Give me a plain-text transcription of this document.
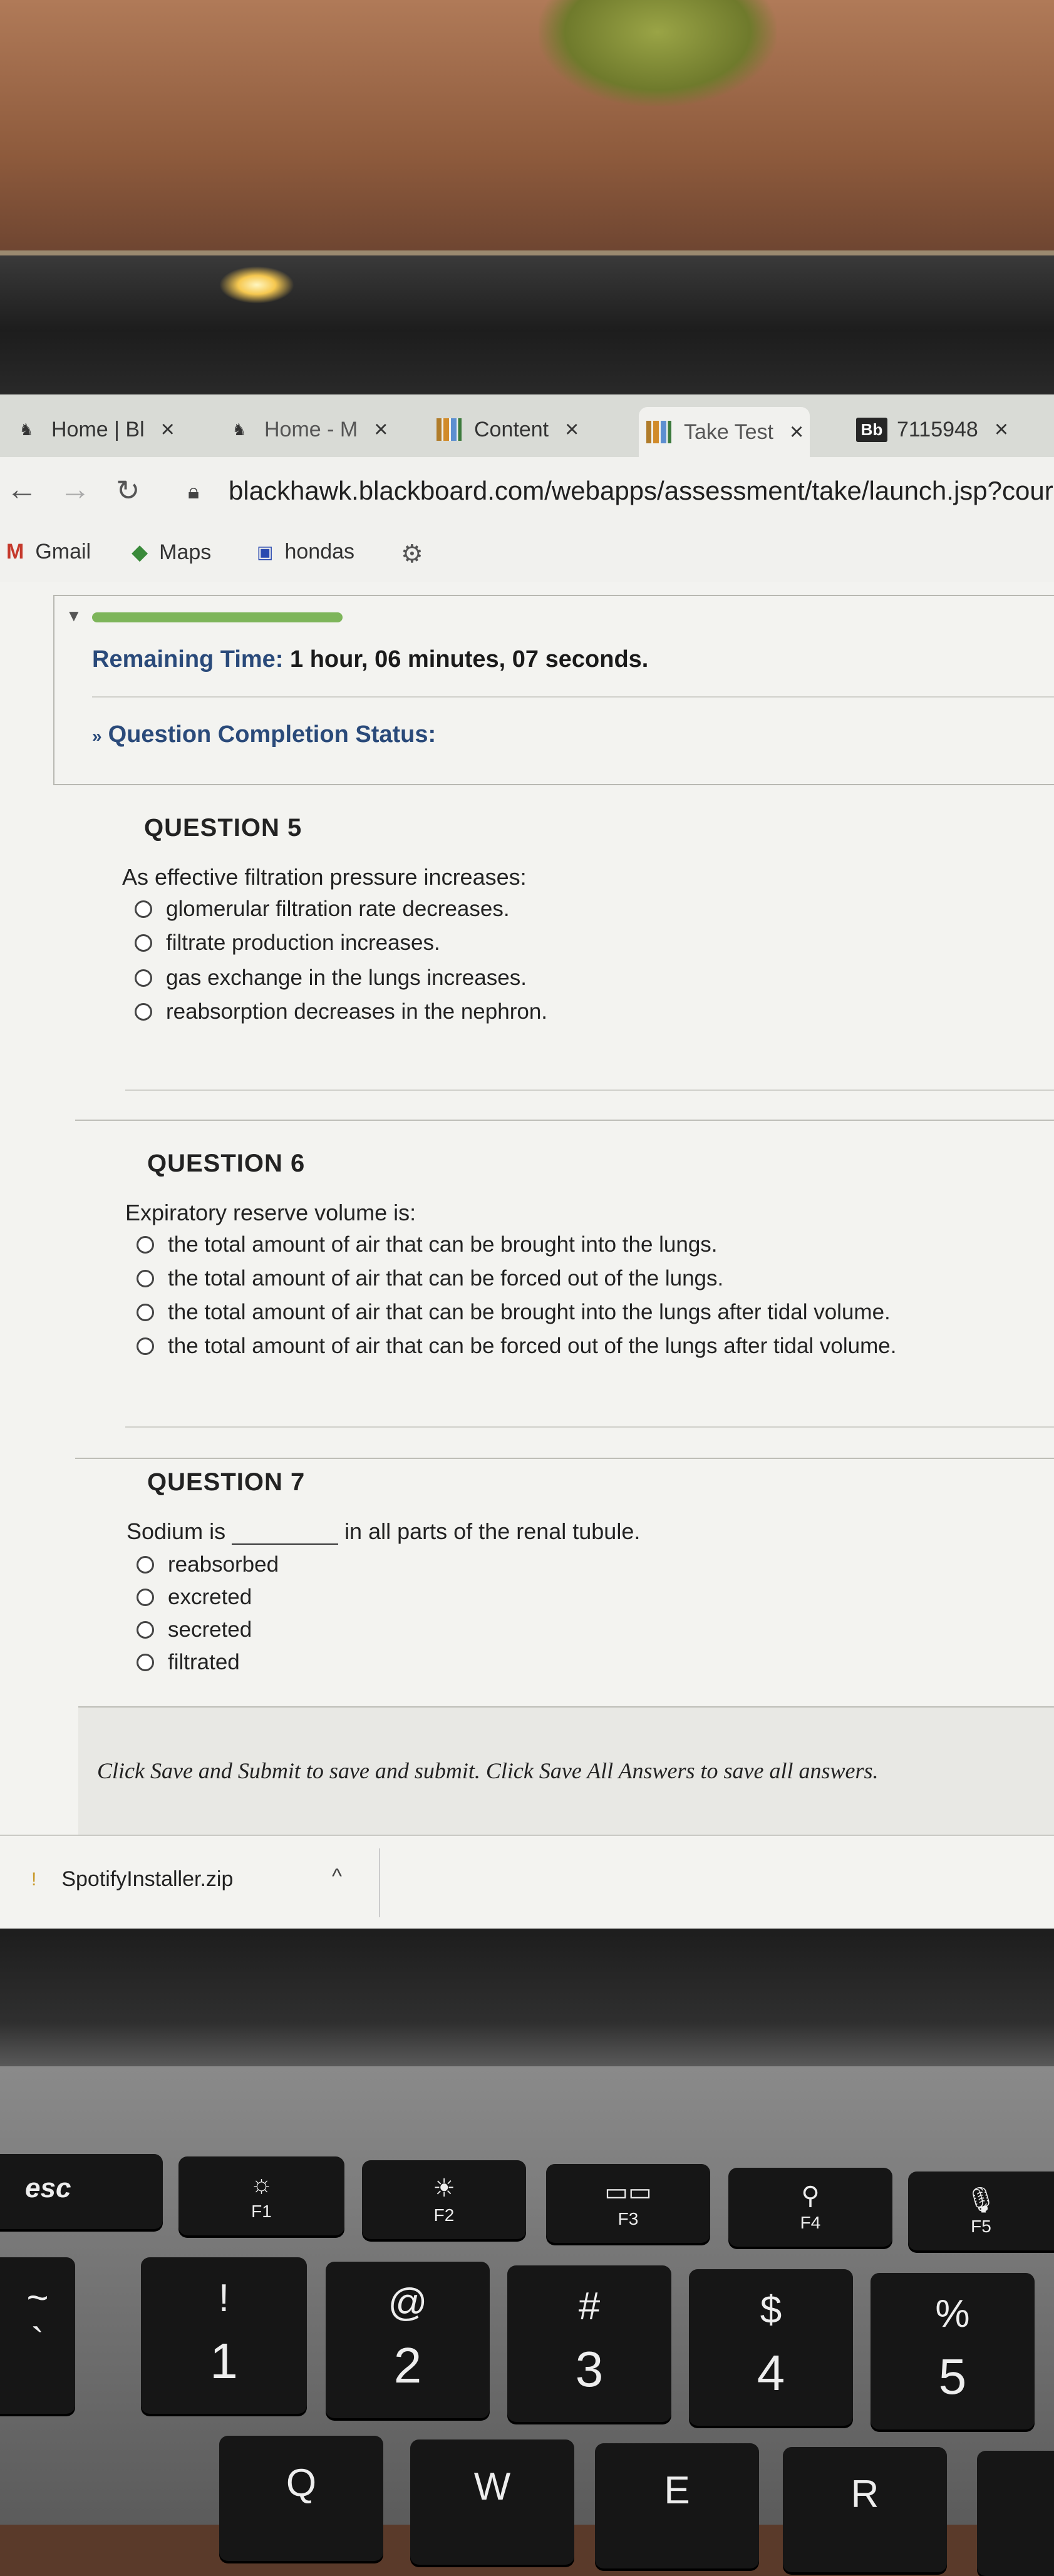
♞ Home | Bl ×	♞ Home - M ×	Content ×	Take Test ×	Bb 7115948 ×
← → ↻ 🔒︎ blackhawk.blackboard.com/webapps/assessment/take/launch.jsp?cour
M Gmail ◆ Maps	▣ hondas ⚙
▼
Remaining Time: 1 hour, 06 minutes, 07 seconds.
» Question Completion Status:
QUESTION 5
As effective filtration pressure increases:
glomerular filtration rate decreases.
filtrate production increases.
gas exchange in the lungs increases.
reabsorption decreases in the nephron.
QUESTION 6
Expiratory reserve volume is:
the total amount of air that can be brought into the lungs.
the total amount of air that can be forced out of the lungs.
the total amount of air that can be brought into the lungs after tidal volume.
the total amount of air that can be forced out of the lungs after tidal volume.
QUESTION 7
Sodium is	in all parts of the renal tubule.
reabsorbed
excreted
secreted
filtrated
Click Save and Submit to save and submit. Click Save All Answers to save all answers.
! SpotifyInstaller.zip	^
esc	☼
F1
☀
F2
▭▭
F3
⚲
F4
🎙︎
F5
~
`
!
1
@
2
#
3
$
4
%
5
Q	W	E	R
